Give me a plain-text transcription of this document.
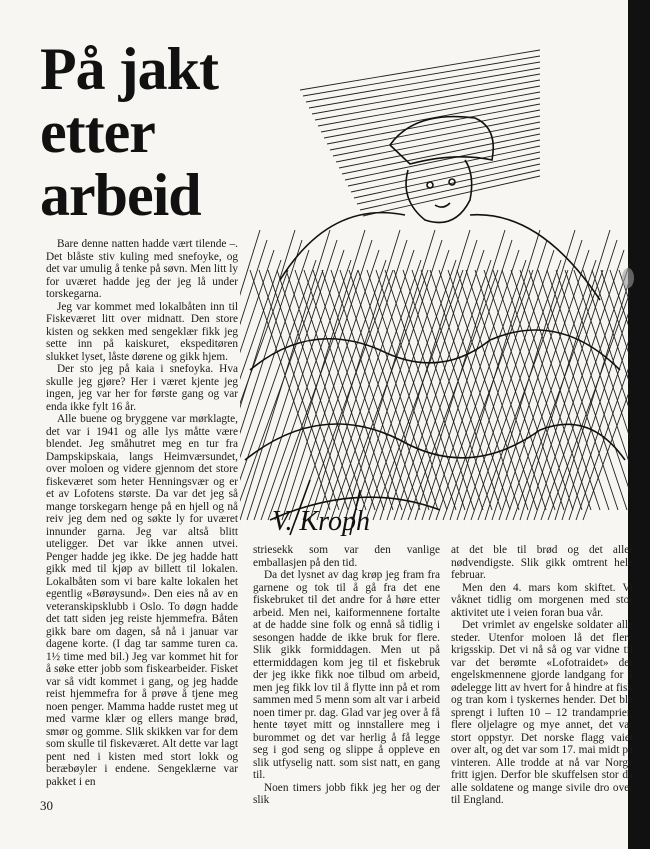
På jakt
etter
arbeid
V. Kroph

Bare denne natten hadde vært tilende –. Det blåste stiv kuling med snefoyke, og det var umulig å tenke på søvn. Men litt ly for uværet hadde jeg der jeg lå under torskegarna.

Jeg var kommet med lokalbåten inn til Fiskeværet litt over midnatt. Den store kisten og sekken med sengeklær fikk jeg sette inn på kaiskuret, ekspeditøren slukket lyset, låste dørene og gikk hjem.

Der sto jeg på kaia i snefoyka. Hva skulle jeg gjøre? Her i været kjente jeg ingen, jeg var her for første gang og var enda ikke fylt 16 år.

Alle buene og bryggene var mørklagte, det var i 1941 og alle lys måtte være blendet. Jeg småhutret meg en tur fra Dampskipskaia, langs Heimværsundet, over moloen og videre gjennom det store fiskeværet som heter Henningsvær og er et av Lofotens største. Da var det jeg så mange torskegarn henge på en hjell og nå reiv jeg dem ned og søkte ly for uværet innunder garna. Jeg var altså blitt uteligger. Det var ikke annen utvei. Penger hadde jeg ikke. De jeg hadde hatt gikk med til kjøp av billett til lokalen. Lokalbåten som vi bare kalte lokalen het egentlig «Børøysund». Den eies nå av en veteranskipsklubb i Oslo. To døgn hadde det tatt siden jeg reiste hjemmefra. Båten gikk bare om dagen, så nå i januar var dagene korte. (I dag tar samme turen ca. 1½ time med bil.) Jeg var kommet hit for å søke etter jobb som fiskearbeider. Fisket var så vidt kommet i gang, og jeg hadde reist hjemmefra for å prøve å tjene meg noen penger. Mamma hadde rustet meg ut med varme klær og ellers mange brød, smør og gomme. Slik skikken var for dem som skulle til fiskeværet. Alt dette var lagt pent ned i kisten med stort lokk og beræbøyler i endene. Sengeklærne var pakket i en

striesekk som var den vanlige emballasjen på den tid.

Da det lysnet av dag krøp jeg fram fra garnene og tok til å gå fra det ene fiskebruket til det andre for å høre etter arbeid. Men nei, kaiformennene fortalte at de hadde sine folk og ennå så tidlig i sesongen hadde de ikke bruk for flere. Slik gikk formiddagen. Men ut på ettermiddagen kom jeg til et fiskebruk der jeg ikke fikk noe tilbud om arbeid, men jeg fikk lov til å flytte inn på et rom sammen med 5 menn som alt var i arbeid noen timer pr. dag. Glad var jeg over å få hente tøyet mitt og innstallere meg i burommet og det var herlig å få legge seg i god seng og slippe å oppleve en slik utfyselig natt. som sist natt, en gang til.

Noen timers jobb fikk jeg her og der slik

at det ble til brød og det aller nødvendigste. Slik gikk omtrent hele februar.

Men den 4. mars kom skiftet. Vi våknet tidlig om morgenen med stor aktivitet ute i veien foran bua vår.

Det vrimlet av engelske soldater alle steder. Utenfor moloen lå det flere krigsskip. Det vi nå så og var vidne til var det berømte «Lofotraidet» der engelskmennene gjorde landgang for å ødelegge litt av hvert for å hindre at fisk og tran kom i tyskernes hender. Det ble sprengt i luften 10 – 12 trandamprier, flere oljelagre og mye annet, det var stort oppstyr. Det norske flagg vaiet over alt, og det var som 17. mai midt på vinteren. Alle trodde at nå var Norge fritt igjen. Derfor ble skuffelsen stor da alle soldatene og mange sivile dro over til England.

30
